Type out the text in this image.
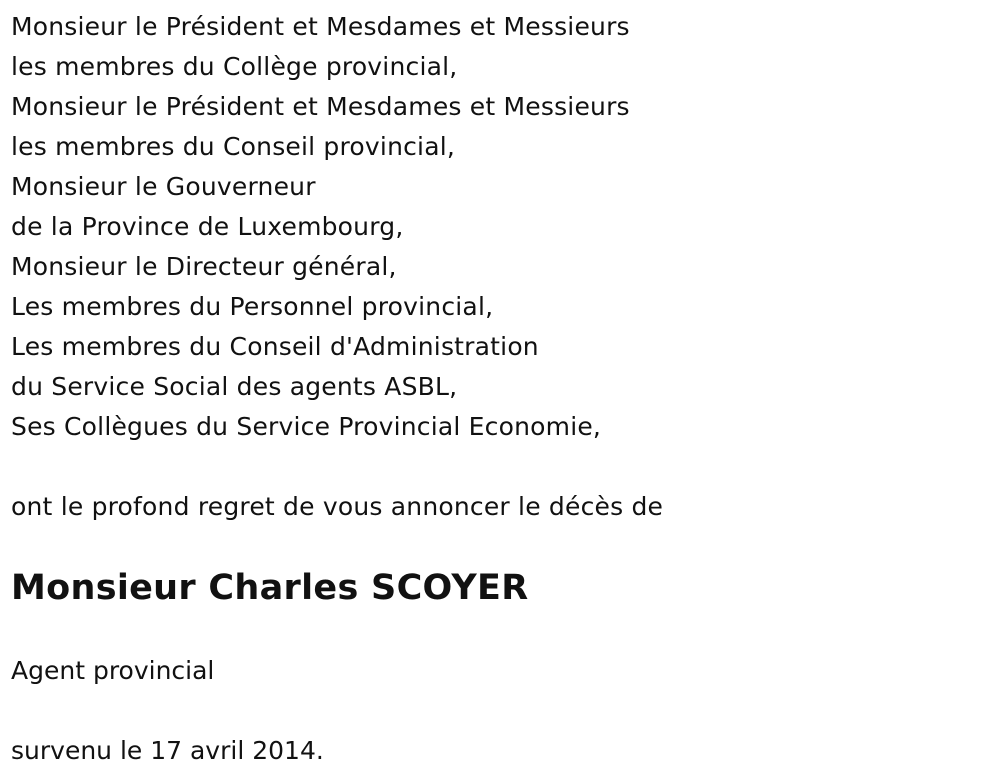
Monsieur le Président et Mesdames et Messieurs
les membres du Collège provincial,
Monsieur le Président et Mesdames et Messieurs
les membres du Conseil provincial,
Monsieur le Gouverneur
de la Province de Luxembourg,
Monsieur le Directeur général,
Les membres du Personnel provincial,
Les membres du Conseil d'Administration
du Service Social des agents ASBL,
Ses Collègues du Service Provincial Economie,
ont le profond regret de vous annoncer le décès de
Monsieur Charles SCOYER
Agent provincial
survenu le 17 avril 2014.
